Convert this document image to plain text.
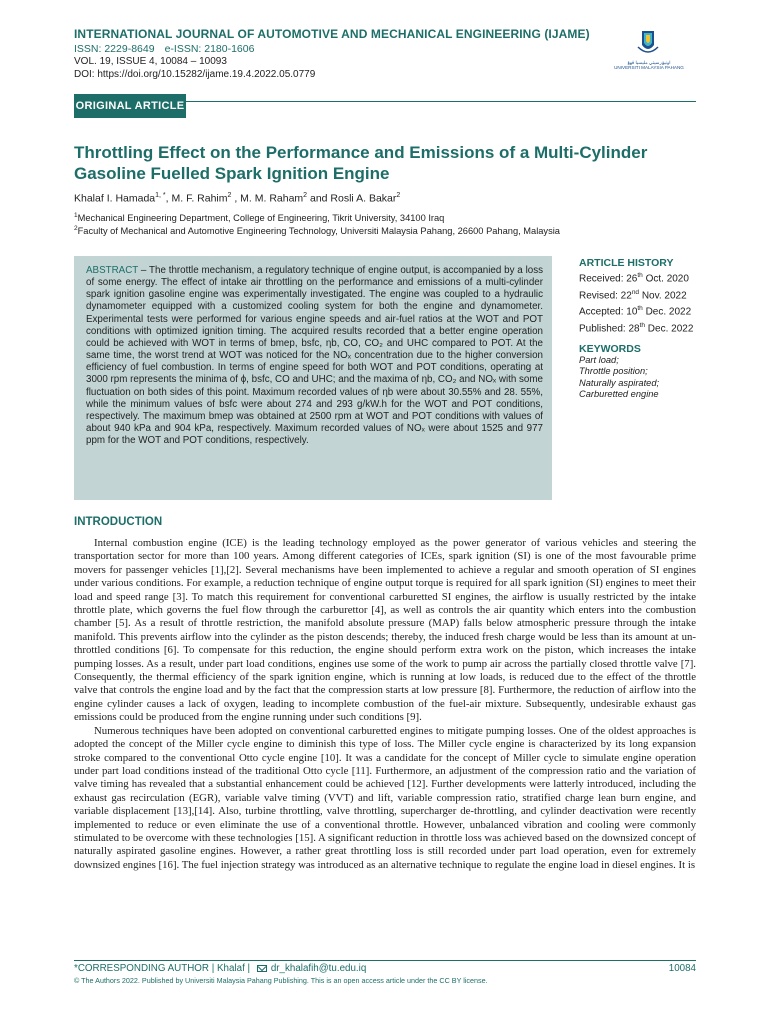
INTERNATIONAL JOURNAL OF AUTOMOTIVE AND MECHANICAL ENGINEERING (IJAME)
ISSN: 2229-8649 e-ISSN: 2180-1606
VOL. 19, ISSUE 4, 10084 – 10093
DOI: https://doi.org/10.15282/ijame.19.4.2022.05.0779
اونيۏرسيتي مليسيا ڤهڠ
UNIVERSITI MALAYSIA PAHANG
ORIGINAL ARTICLE
Throttling Effect on the Performance and Emissions of a Multi-Cylinder Gasoline Fuelled Spark Ignition Engine
Khalaf I. Hamada$^{1, *}$, M. F. Rahim$^2$ , M. M. Raham$^2$ and Rosli A. Bakar$^2$
$^1$Mechanical Engineering Department, College of Engineering, Tikrit University, 34100 Iraq
$^2$Faculty of Mechanical and Automotive Engineering Technology, Universiti Malaysia Pahang, 26600 Pahang, Malaysia
ABSTRACT – The throttle mechanism, a regulatory technique of engine output, is accompanied by a loss of some energy. The effect of intake air throttling on the performance and emissions of a multi-cylinder spark ignition gasoline engine was experimentally investigated. The engine was coupled to a hydraulic dynamometer equipped with a customized cooling system for both the engine and dynamometer. Experimental tests were performed for various engine speeds and air-fuel ratios at the WOT and POT conditions with optimized ignition timing. The acquired results recorded that a better engine operation could be achieved with WOT in terms of bmep, bsfc, ηb, CO, CO₂ and UHC compared to POT. At the same time, the worst trend at WOT was noticed for the NOₓ concentration due to the higher conversion efficiency of fuel combustion. In terms of engine speed for both WOT and POT conditions, operating at 3000 rpm represents the minima of ϕ, bsfc, CO and UHC; and the maxima of ηb, CO₂ and NOₓ with some fluctuation on both sides of this point. Maximum recorded values of ηb were about 30.55% and 28. 55%, while the minimum values of bsfc were about 274 and 293 g/kW.h for the WOT and POT conditions, respectively. The maximum bmep was obtained at 2500 rpm at WOT and POT conditions with values of about 940 kPa and 904 kPa, respectively. Maximum recorded values of NOₓ were about 1525 and 977 ppm for the WOT and POT conditions, respectively.
ARTICLE HISTORY
Received: 26th Oct. 2020
Revised: 22nd Nov. 2022
Accepted: 10th Dec. 2022
Published: 28th Dec. 2022
KEYWORDS
Part load;
Throttle position;
Naturally aspirated;
Carburetted engine
INTRODUCTION

Internal combustion engine (ICE) is the leading technology employed as the power generator of various vehicles and steering the transportation sector for more than 100 years. Among different categories of ICEs, spark ignition (SI) is one of the most favourable prime movers for passenger vehicles [1],[2]. Several mechanisms have been implemented to achieve a regular and smooth operation of SI engines under various conditions. For example, a reduction technique of engine output torque is required for all spark ignition (SI) engines to meet their load and speed range [3]. To match this requirement for conventional carburetted SI engines, the airflow is usually restricted by the intake throttle plate, which governs the fuel flow through the carburettor [4], as well as controls the air quantity which enters into the combustion chamber [5]. As a result of throttle restriction, the manifold absolute pressure (MAP) falls below atmospheric pressure through the intake manifold. This prevents airflow into the cylinder as the piston descends; thereby, the induced fresh charge would be less than its amount at un-throttled conditions [6]. To compensate for this reduction, the engine should perform extra work on the piston, which increases the intake pumping losses. As a result, under part load conditions, engines use some of the work to pump air across the partially closed throttle valve [7]. Consequently, the thermal efficiency of the spark ignition engine, which is running at low loads, is reduced due to the effect of the throttle valve that controls the engine load and by the fact that the compression starts at low pressure [8]. Furthermore, the reduction of airflow into the engine cylinder causes a lack of oxygen, leading to incomplete combustion of the fuel-air mixture. Subsequently, undesirable exhaust gas emissions could be produced from the engine running under such conditions [9].

Numerous techniques have been adopted on conventional carburetted engines to mitigate pumping losses. One of the oldest approaches is adopted the concept of the Miller cycle engine to diminish this type of loss. The Miller cycle engine is characterized by its long expansion stroke compared to the conventional Otto cycle engine [10]. It was a candidate for the concept of Miller cycle to simulate engine operation under part load conditions instead of the traditional Otto cycle [11]. Furthermore, an adjustment of the compression ratio and the variation of valve timing has revealed that a substantial enhancement could be achieved [12]. Further developments were latterly introduced, including the exhaust gas recirculation (EGR), variable valve timing (VVT) and lift, variable compression ratio, stratified charge lean burn engine, and variable displacement [13],[14]. Also, turbine throttling, valve throttling, supercharger de-throttling, and cylinder deactivation were recently implemented to reduce or even eliminate the use of a conventional throttle. However, unbalanced vibration and cooling were commonly stimulated to be overcome with these technologies [15]. A significant reduction in throttle loss was achieved based on the downsized concept of naturally aspirated gasoline engines. However, a rather great throttling loss is still recorded under part load operation, even for extremely downsized engines [16]. The fuel injection strategy was introduced as an alternative technique to regulate the engine load in diesel engines. It is

*CORRESPONDING AUTHOR | Khalaf | dr_khalafih@tu.edu.iq	10084
© The Authors 2022. Published by Universiti Malaysia Pahang Publishing. This is an open access article under the CC BY license.
